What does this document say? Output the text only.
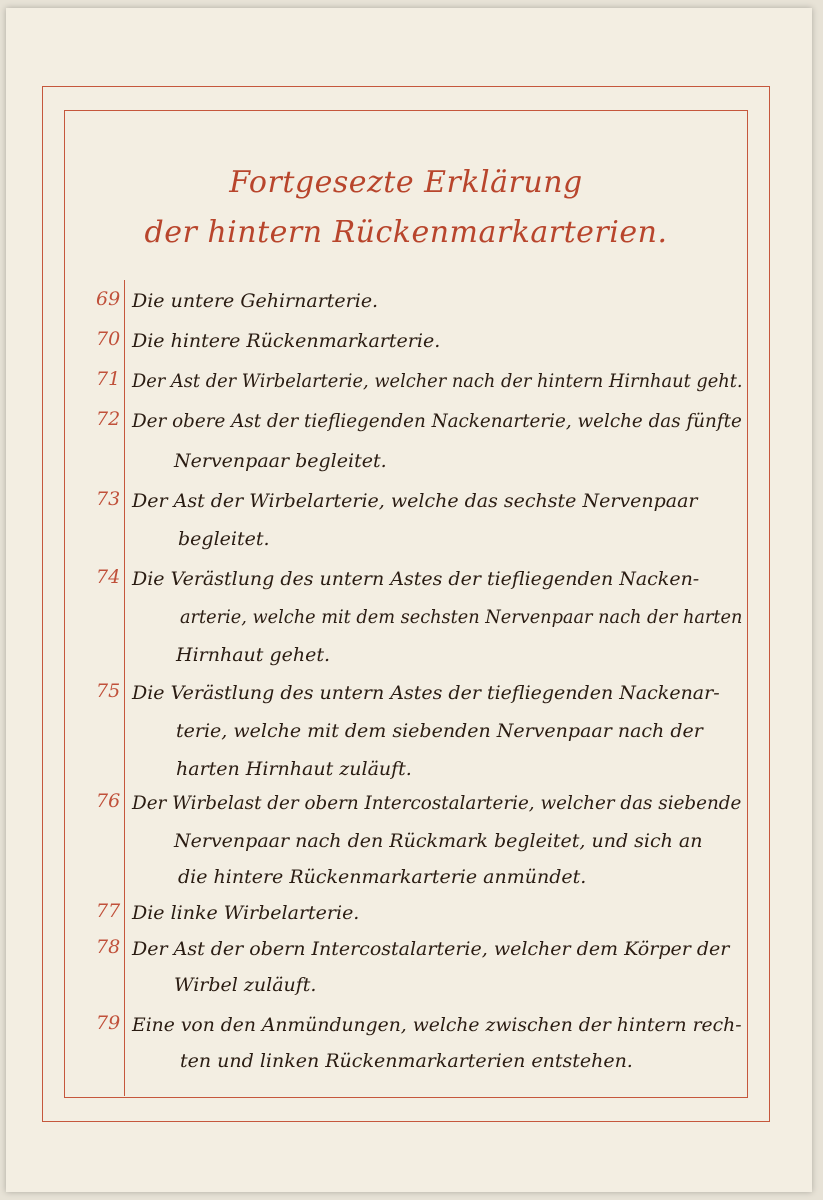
Fortgesezte Erklärung
der hintern Rückenmarkarterien.
69 Die untere Gehirnarterie.
70 Die hintere Rückenmarkarterie.
71 Der Ast der Wirbelarterie, welcher nach der hintern Hirnhaut geht.
72 Der obere Ast der tiefliegenden Nackenarterie, welche das fünfte
Nervenpaar begleitet.
73 Der Ast der Wirbelarterie, welche das sechste Nervenpaar
begleitet.
74 Die Verästlung des untern Astes der tiefliegenden Nacken-
arterie, welche mit dem sechsten Nervenpaar nach der harten
Hirnhaut gehet.
75 Die Verästlung des untern Astes der tiefliegenden Nackenar-
terie, welche mit dem siebenden Nervenpaar nach der
harten Hirnhaut zuläuft.
76 Der Wirbelast der obern Intercostalarterie, welcher das siebende
Nervenpaar nach den Rückmark begleitet, und sich an
die hintere Rückenmarkarterie anmündet.
77 Die linke Wirbelarterie.
78 Der Ast der obern Intercostalarterie, welcher dem Körper der
Wirbel zuläuft.
79 Eine von den Anmündungen, welche zwischen der hintern rech-
ten und linken Rückenmarkarterien entstehen.
